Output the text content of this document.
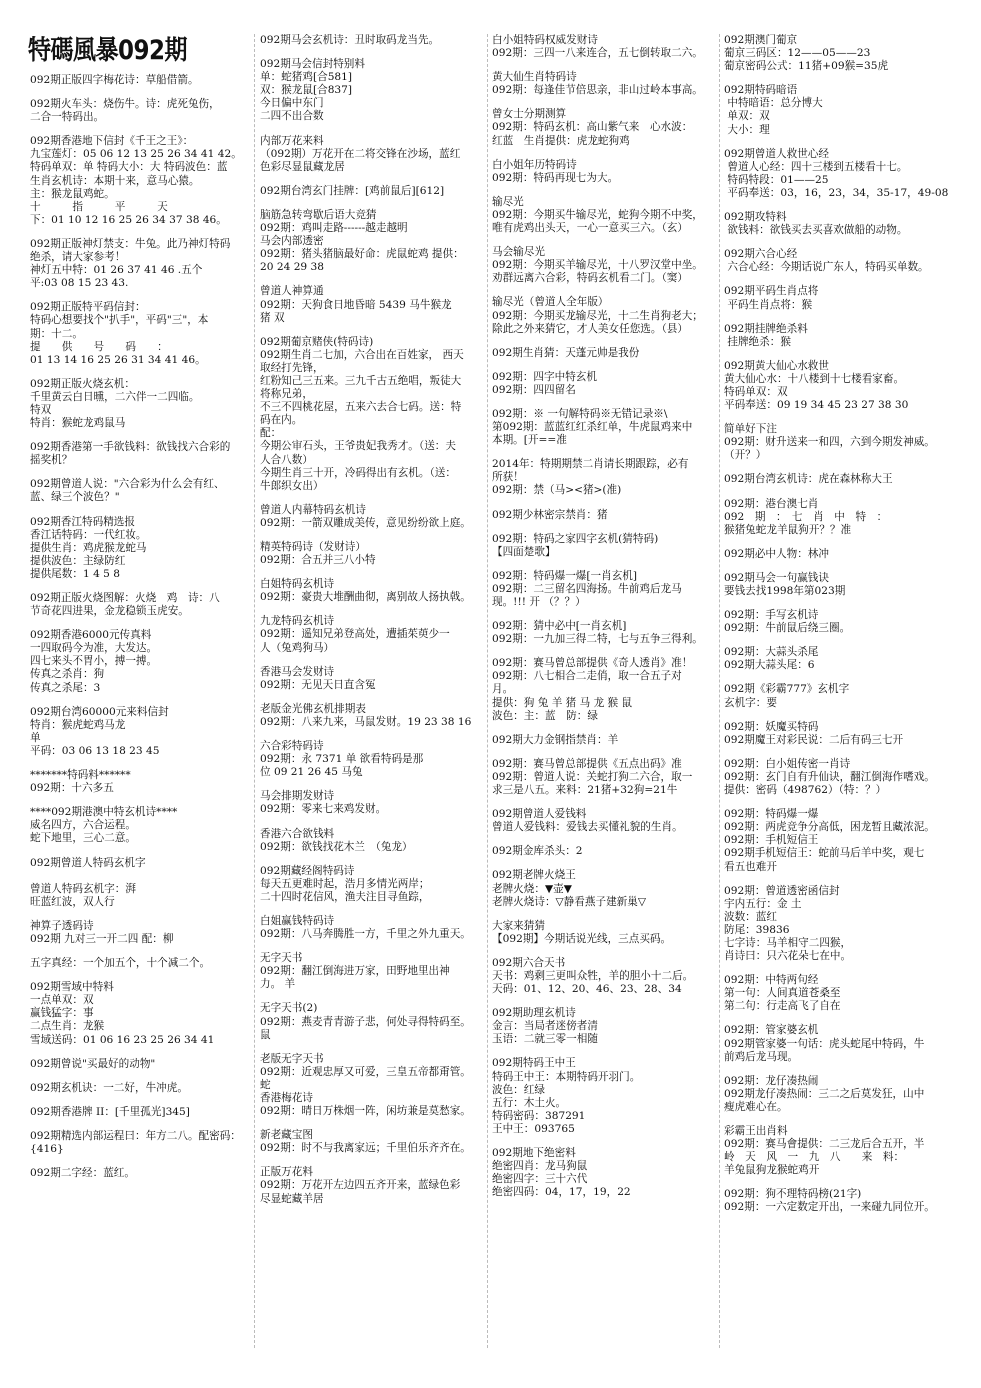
特碼風暴092期
092期正版四字梅花诗：草船借箭。
092期火车头：烧伤牛。诗：虎死兔伤，
二合一特码出。
092期香港地下信封《千王之王》：
九宝莲灯：05 06 12 13 25 26 34 41 42。
特码单双：单 特码大小：大 特码波色：蓝
生肖玄机诗：本期十来，意马心猿。
主：猴龙鼠鸡蛇。
十　　　指　　　平　　　天
下：01 10 12 16 25 26 34 37 38 46。
092期正版神灯禁支：牛兔。此乃神灯特码
绝杀，请大家参考！
神灯五中特：01 26 37 41 46 .五个
平:03 08 15 23 43.
092期正版特平码信封：
特码心想要找个"扒手"，平码"三"，本
期：十二。
提　　供　　号　　码　　：
01 13 14 16 25 26 31 34 41 46。
092期正版火烧玄机：
千里黄云白日曛，二六伴一二四临。
特双
特肖：猴蛇龙鸡鼠马
092期香港第一手欲钱料：欲钱找六合彩的
摇奖机？
092期曾道人说："六合彩为什么会有红、
蓝、绿三个波色？"
092期香江特码精选报
香江话特码：一代红妆。
提供生肖：鸡虎猴龙蛇马
提供波色：主绿防红
提供尾数：1 4 5 8
092期正版火烧图解：火烧　鸡　诗：八
节奇花四进果，金龙稳锁玉虎安。
092期香港6000元传真料
一四取码今为准，大发达。
四七来头不胃小，搏一搏。
传真之杀肖：狗
传真之杀尾：3
092期台湾60000元来料信封
特肖：猴虎蛇鸡马龙
单
平码：03 06 13 18 23 45
*******特码料******
092期：十六多五
****092期港澳中特玄机诗****
威名四方，六合运程。
蛇下地里，三心二意。
092期曾道人特码玄机字

曾道人特码玄机字：湃
旺蓝红波，双人行
神算子透码诗
092期 九对三一开二四 配：柳
五字真经：一个加五个，十个减二个。
092期雪域中特料
一点单双：双
赢钱猛字：事
二点生肖：龙猴
雪域送码：01 06 16 23 25 26 34 41
092期曾说"买最好的动物"
092期玄机诀：一二好，牛冲虎。
092期香港牌 II：[千里孤光]345]
092期精选内部运程曰：年方二八。配密码：
{416}
092期二字经：蓝红。
092期马会玄机诗：丑时取码龙当先。
092期马会信封特别料
单：蛇猪鸡[合581]
双：猴龙鼠[合837]
今日偏中东门
二四不出合数
内部万花来料
（092期）万花开在二将交锋在沙场，蓝红
色彩尽显鼠藏龙居
092期台湾玄门挂牌：[鸡前鼠后][612]
脑筋急转弯歇后语大竞猜
092期：鸡叫走路------越走越明
马会内部透密
092期：猪头猪脑最好命：虎鼠蛇鸡 提供：
20 24 29 38
曾道人神算通
092期：天狗食日地昏暗 5439 马牛猴龙
猪 双
092期葡京赌侠(特码诗)
092期生肖二七加，六合出在百姓家， 西天
取经打先锋，
红粉知己三五来。三九千古五绝唱，叛徒大
将称兄弟，
不三不四桃花屋，五来六去合七码。送：特
码在内。
配：
今期公审石头，王爷贵妃我秀才。（送：夫
人合八数）
今期生肖三十开，冷码得出有玄机。（送：
牛郎织女出）
曾道人内幕特码玄机诗
092期：一箭双雕成美传，意见纷纷欲上庭。
精英特码诗（发财诗）
092期：合五并三八小特
白姐特码玄机诗
092期：豪贵大堆酬曲彻，离别故人扬执戟。
九龙特码玄机诗
092期：遥知兄弟登高处，遭插茱萸少一
人（兔鸡狗马）
香港马会发财诗
092期：无见天日直含冤
老版金光佛玄机排期表
092期：八来九来，马鼠发财。19 23 38 16
六合彩特码诗
092期：永 7371 单 欲看特码是那
位 09 21 26 45 马兔
马会排期发财诗
092期：零来七来鸡发财。
香港六合欲钱料
092期：欲钱找花木兰　（兔龙）
092期藏经阁特码诗
每天五更难时起，浩月多情光两岸；
二十四时花信风，渔夫注目寻鱼踪，
白姐赢钱特码诗
092期：八马奔腾胜一方，千里之外九重天。
无字天书
092期：翻江倒海进万家，田野地里出神
力。 羊
无字天书(2)
092期：燕麦青青游子悲，何处寻得特码至。
鼠
老版无字天书
092期：近观忠厚又可爱，三皇五帝都甭管。
蛇
香港梅花诗
092期：晴日万株烟一阵，闲坊兼是莫愁家。
新老藏宝图
092期：时不与我离家远；千里伯乐齐齐在。
正版万花料
092期：万花开左边四五齐开来，蓝绿色彩
尽显蛇藏羊居
白小姐特码权威发财诗
092期：三四一八来连合，五七倒转取二六。
黄大仙生肖特码诗
092期：每逢佳节倍思亲，非山过岭本事高。
曾女士分期测算
092期：特码玄机：高山紫气来　心水波：
红蓝　生肖提供：虎龙蛇狗鸡
白小姐年历特码诗
092期：特码再现七为大。
输尽光
092期：今期买牛输尽光，蛇狗今期不中奖，
唯有虎鸡出头天，一心一意买三六。（玄）
马会输尽光
092期：今期买羊输尽光，十八罗汉堂中坐。
劝群远离六合彩，特码玄机看二门。（窦）
输尽光（曾道人全年版）
092期：今期买龙输尽光，十二生肖狗老大；
除此之外来猜它，才人美女任您选。（县）
092期生肖猜：天蓬元帅是我份
092期：四字中特玄机
092期：四四留名
092期：※ 一句解特码※无错记录※\
第092期：蓝蓝红红杀红单，牛虎鼠鸡来中
本期。[开==准
2014年：特期期禁二肖请长期跟踪，必有
所获！
092期：禁（马><猪>(准)
092期少林密宗禁肖：猪
092期：特码之家四字玄机(猜特码)
【四面楚歌】
092期：特码爆一爆[一肖玄机]
092期：二三留名四海扬。牛前鸡后龙马
现。!!! 开 （？？）
092期：猜中必中[一肖玄机]
092期：一九加三得二特，七与五争三得利。
092期：赛马曾总部提供《奇人透肖》准！
092期：八七相合二走俏，取一合五子对
月。
提供：狗 兔 羊 猪 马 龙 猴 鼠
波色：主：蓝　防：绿
092期大力金钢指禁肖：羊
092期：赛马曾总部提供《五点出码》准
092期：曾道人说：关蛇打狗二六合，取一
求三是八五。来料：21猪+32狗=21牛
092期曾道人爱钱料
曾道人爱钱料：爱钱去买懂礼貌的生肖。
092期金库杀头：2
092期老牌火烧王
老牌火烧：▼壶▼
老牌火烧诗：▽静看燕子建新巢▽
大家来猜猜
【092期】今期话说光线，三点买码。
092期六合天书
天书：鸡剩三更叫众牲，羊的胆小十二后。
天码：01、12、20、46、23、28、34
092期助理玄机诗
金言：当局者迷傍者清
玉语：二就三零一相随
092期特码王中王
特码王中王：本期特码开羽门。
波色：红绿
五行：木土火。
特码密码：387291
王中王：093765
092期地下绝密料
绝密四肖：龙马狗鼠
绝密四字：三十六代
绝密四码：04，17，19，22
092期澳门葡京
葡京三码区：12——05——23
葡京密码公式：11猪+09猴=35虎
092期特码暗语
中特暗语：总分博大
单双：双
大小：理
092期曾道人救世心经
曾道人心经：四十三楼到五楼看十七。
特码特段：01——25
平码奉送：03，16，23，34，35-17，49-08
092期攻特料
欲钱料：欲钱买去买喜欢做船的动物。
092期六合心经
六合心经：今期话说广东人，特码买单数。
092期平码生肖点将
平码生肖点将：猴
092期挂牌绝杀料
挂牌绝杀：猴
092期黄大仙心水救世
黄大仙心水：十八楼到十七楼看家畜。
特码单双：双
平码奉送：09 19 34 45 23 27 38 30
简单好下注
092期：财升送来一和四，六到今期发神威。
（开？）
092期台湾玄机诗：虎在森林称大王
092期：港台澳七肖
092　期　：　七　肖　中　特　：
猴猪兔蛇龙羊鼠狗开？？准
092期必中人物：林冲
092期马会一句赢钱诀
要钱去找1998年第023期
092期：手写玄机诗
092期：牛前鼠后绕三圈。
092期：大蒜头杀尾
092期大蒜头尾：6
092期《彩霸777》玄机字
玄机字：要
092期：妖魔买特码
092期魔王对彩民说：二后有码三七开
092期：白小姐传密一肖诗
092期：玄门自有升仙诀，翻江倒海作嗜戏。
提供：密码（498762）（特：？）
092期：特码爆一爆
092期：两虎竞争分高低，困龙暂且藏浓泥。
092期：手机短信王
092期手机短信王：蛇前马后羊中奖，观七
看五也难开
092期：曾道透密函信封
宇内五行：金 土
波数：蓝红
防尾：39836
七字诗：马羊相守二四猴，
肖诗曰：只六花朵七在中。
092期：中特两句经
第一句：人间真道苍桑至
第二句：行走高飞了自在
092期：管家婆玄机
092期管家婆一句话：虎头蛇尾中特码，牛
前鸡后龙马现。
092期：龙仔凑热闹
092期龙仔凑热闹：三二之后莫发狂，山中
瘦虎难心在。
彩霸王出肖料
092期：赛马會提供：二三龙后合五开，半
岭　天　风　一　九　八　　来　料：
羊兔鼠狗龙猴蛇鸡开
092期：狗不理特码榜(21字)
092期：一六定数定开出，一来碰九同位开。
